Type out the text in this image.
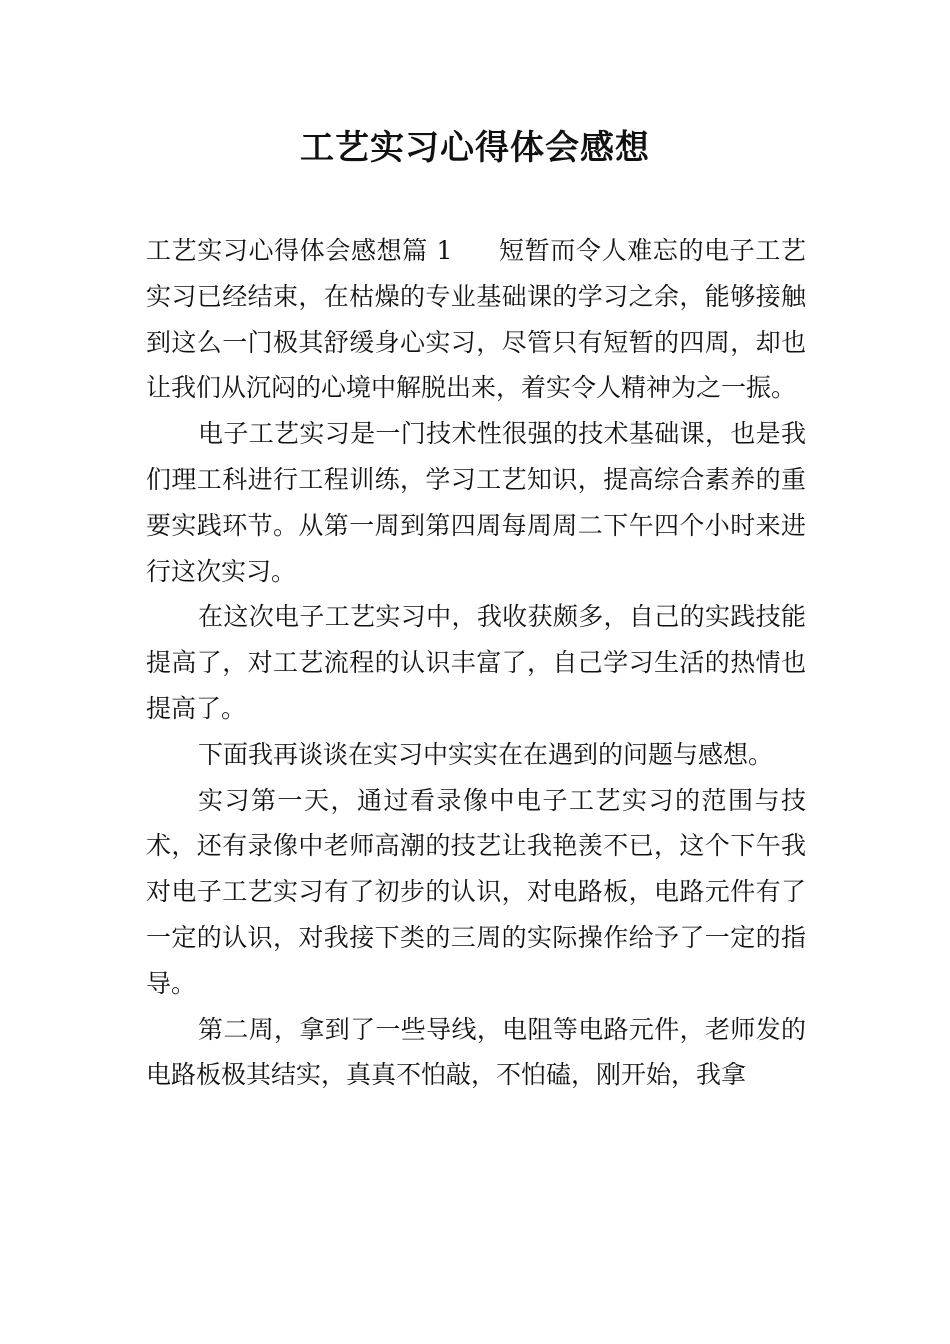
工艺实习心得体会感想

工艺实习心得体会感想篇 1 短暂而令人难忘的电子工艺实习已经结束，在枯燥的专业基础课的学习之余，能够接触到这么一门极其舒缓身心实习，尽管只有短暂的四周，却也让我们从沉闷的心境中解脱出来，着实令人精神为之一振。

电子工艺实习是一门技术性很强的技术基础课，也是我们理工科进行工程训练，学习工艺知识，提高综合素养的重要实践环节。从第一周到第四周每周周二下午四个小时来进行这次实习。

在这次电子工艺实习中，我收获颇多，自己的实践技能提高了，对工艺流程的认识丰富了，自己学习生活的热情也提高了。

下面我再谈谈在实习中实实在在遇到的问题与感想。

实习第一天，通过看录像中电子工艺实习的范围与技术，还有录像中老师高潮的技艺让我艳羡不已，这个下午我对电子工艺实习有了初步的认识，对电路板，电路元件有了一定的认识，对我接下类的三周的实际操作给予了一定的指导。

第二周，拿到了一些导线，电阻等电路元件，老师发的电路板极其结实，真真不怕敲，不怕磕，刚开始，我拿
